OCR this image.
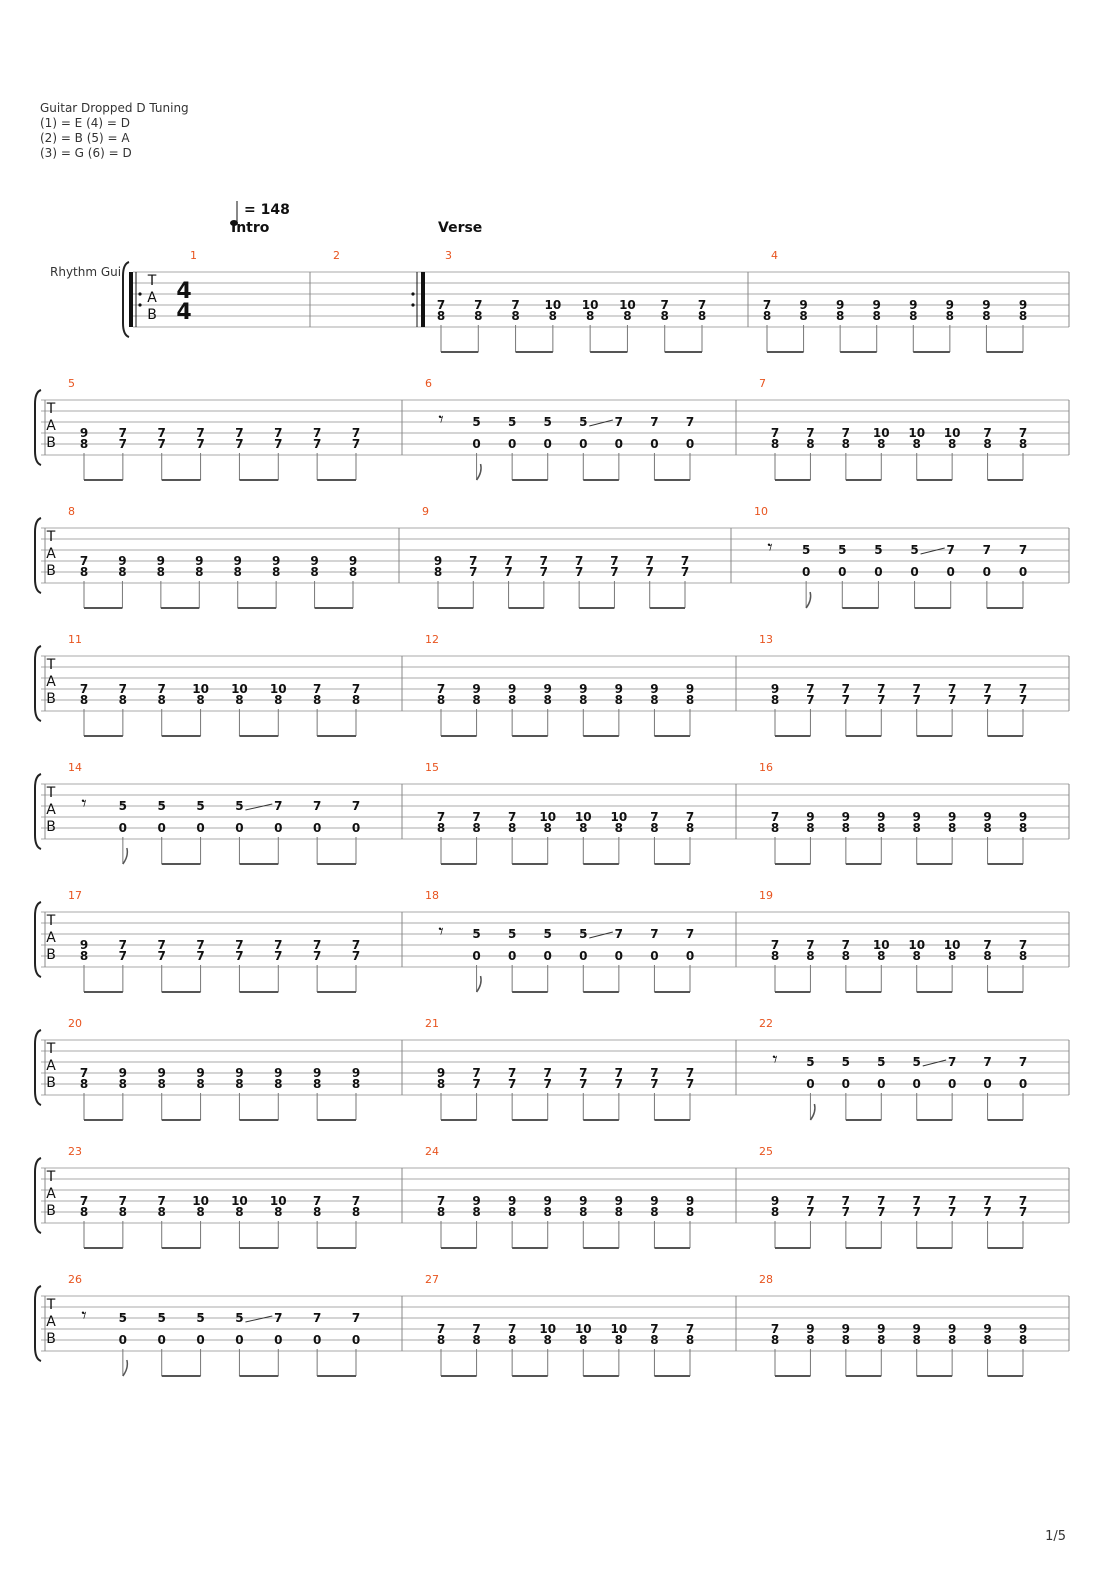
Guitar Dropped D Tuning
(1) = E (4) = D
(2) = B (5) = A
(3) = G (6) = D
T
A
B
4
4
= 148
Intro	Verse
1	2	3
7
8
7
8
7
8
10
8
10
8
10
8
7
8
7
8
4
7
8
9
8
9
8
9
8
9
8
9
8
9
8
9
8
T
A
B
5
9
8
7
7
7
7
7
7
7
7
7
7
7
7
7
7
6
𝄾 5
0
5
0
5
0
5
0
7
0
7
0
7
0
7
7
8
7
8
7
8
10
8
10
8
10
8
7
8
7
8
T
A
B
8
7
8
9
8
9
8
9
8
9
8
9
8
9
8
9
8
9
9
8
7
7
7
7
7
7
7
7
7
7
7
7
7
7
10
𝄾 5
0
5
0
5
0
5
0
7
0
7
0
7
0
T
A
B
11
7
8
7
8
7
8
10
8
10
8
10
8
7
8
7
8
12
7
8
9
8
9
8
9
8
9
8
9
8
9
8
9
8
13
9
8
7
7
7
7
7
7
7
7
7
7
7
7
7
7
T
A
B
14
𝄾	5
0
5
0
5
0
5
0
7
0
7
0
7
0
15
7
8
7
8
7
8
10
8
10
8
10
8
7
8
7
8
16
7
8
9
8
9
8
9
8
9
8
9
8
9
8
9
8
T
A
B
17
9
8
7
7
7
7
7
7
7
7
7
7
7
7
7
7
18
𝄾 5
0
5
0
5
0
5
0
7
0
7
0
7
0
19
7
8
7
8
7
8
10
8
10
8
10
8
7
8
7
8
T
A
B
20
7
8
9
8
9
8
9
8
9
8
9
8
9
8
9
8
21
9
8
7
7
7
7
7
7
7
7
7
7
7
7
7
7
22
𝄾 5
0
5
0
5
0
5
0
7
0
7
0
7
0
T
A
B
23
7
8
7
8
7
8
10
8
10
8
10
8
7
8
7
8
24
7
8
9
8
9
8
9
8
9
8
9
8
9
8
9
8
25
9
8
7
7
7
7
7
7
7
7
7
7
7
7
7
7
T
A
B
26
𝄾	5
0
5
0
5
0
5
0
7
0
7
0
7
0
27
7
8
7
8
7
8
10
8
10
8
10
8
7
8
7
8
28
7
8
9
8
9
8
9
8
9
8
9
8
9
8
9
8
Rhythm Gui
1/5
